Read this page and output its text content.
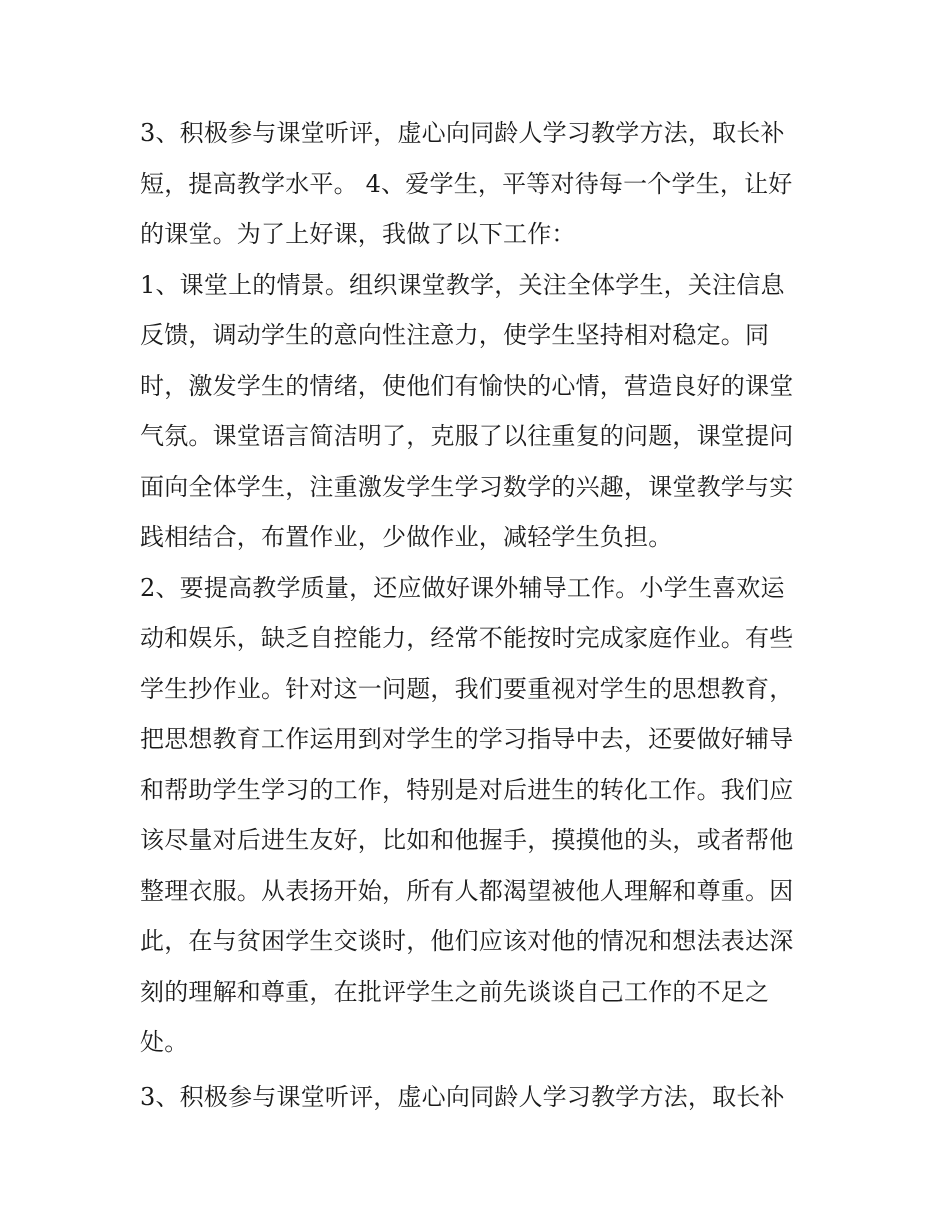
3、积极参与课堂听评，虚心向同龄人学习教学方法，取长补
短，提高教学水平。 4、爱学生，平等对待每一个学生，让好
的课堂。为了上好课，我做了以下工作：
1、课堂上的情景。组织课堂教学，关注全体学生，关注信息
反馈，调动学生的意向性注意力，使学生坚持相对稳定。同
时，激发学生的情绪，使他们有愉快的心情，营造良好的课堂
气氛。课堂语言简洁明了，克服了以往重复的问题，课堂提问
面向全体学生，注重激发学生学习数学的兴趣，课堂教学与实
践相结合，布置作业，少做作业，减轻学生负担。
2、要提高教学质量，还应做好课外辅导工作。小学生喜欢运
动和娱乐，缺乏自控能力，经常不能按时完成家庭作业。有些
学生抄作业。针对这一问题，我们要重视对学生的思想教育，
把思想教育工作运用到对学生的学习指导中去，还要做好辅导
和帮助学生学习的工作，特别是对后进生的转化工作。我们应
该尽量对后进生友好，比如和他握手，摸摸他的头，或者帮他
整理衣服。从表扬开始，所有人都渴望被他人理解和尊重。因
此，在与贫困学生交谈时，他们应该对他的情况和想法表达深
刻的理解和尊重，在批评学生之前先谈谈自己工作的不足之
处。
3、积极参与课堂听评，虚心向同龄人学习教学方法，取长补
